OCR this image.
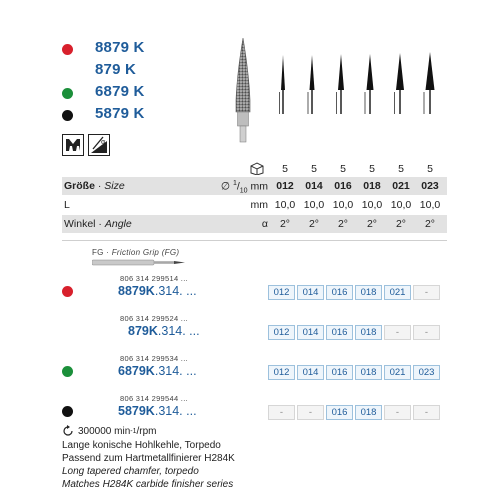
8879 K
879 K
6879 K
5879 K
α
5	5	5	5	5	5
Größe · Size	∅ $^1/_{10}$ mm 012	014	016	018	021	023
L	mm 10,0 10,0 10,0 10,0 10,0 10,0
Winkel · Angle	α	2°	2°	2°	2°	2°	2°
FG · Friction Grip (FG)
806 314 299514 ...
8879K.314. ...	012	014	016	018	021	-
806 314 299524 ...
879K.314. ...	012	014	016	018	-	-
806 314 299534 ...
6879K.314. ...	012	014	016	018	021	023
806 314 299544 ...
5879K.314. ...	-	-	016	018	-	-
300000 min -1 /rpm
Lange konische Hohlkehle, Torpedo
Passend zum Hartmetallfinierer H284K
Long tapered chamfer, torpedo
Matches H284K carbide finisher series
